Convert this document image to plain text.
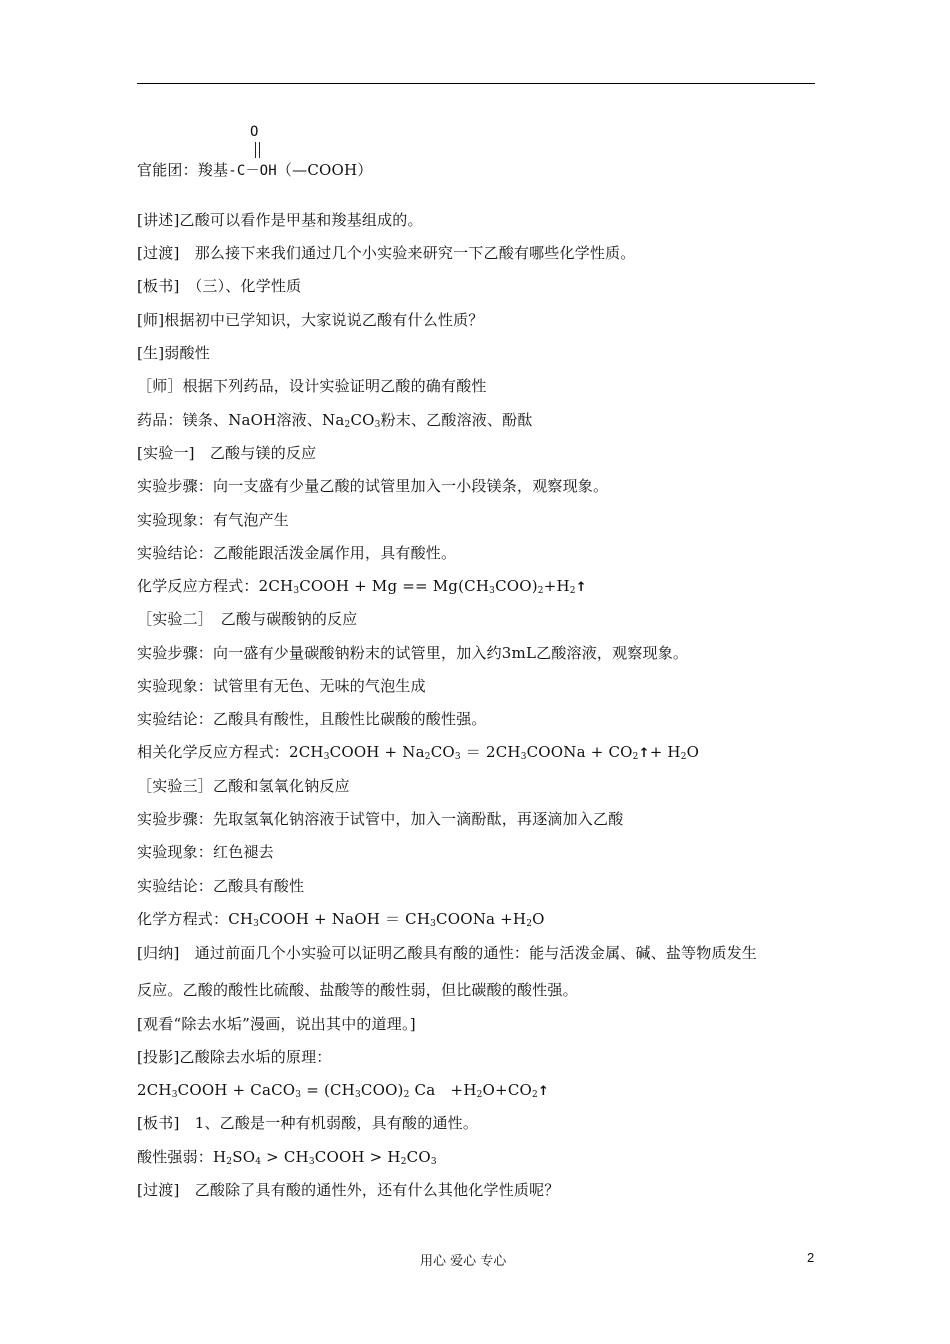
O
官能团：羧基-C－OH（—COOH）
[讲述]乙酸可以看作是甲基和羧基组成的。
[过渡]　那么接下来我们通过几个小实验来研究一下乙酸有哪些化学性质。
[板书]　（三）、化学性质
[师]根据初中已学知识，大家说说乙酸有什么性质？
[生]弱酸性
［师］根据下列药品，设计实验证明乙酸的确有酸性
药品：镁条、NaOH溶液、$Na_2CO_3$粉末、乙酸溶液、酚酞
[实验一]　乙酸与镁的反应
实验步骤：向一支盛有少量乙酸的试管里加入一小段镁条，观察现象。
实验现象：有气泡产生
实验结论：乙酸能跟活泼金属作用，具有酸性。
化学反应方程式：$2CH_3COOH + Mg$ == $Mg(CH_3COO)_2+H_2↑$
［实验二］　乙酸与碳酸钠的反应
实验步骤：向一盛有少量碳酸钠粉末的试管里，加入约3mL乙酸溶液，观察现象。
实验现象：试管里有无色、无味的气泡生成
实验结论：乙酸具有酸性，且酸性比碳酸的酸性强。
相关化学反应方程式：$2CH_3COOH + Na_2CO_3$ ＝ $2CH_3COONa$ + $CO_2↑+ H_2O$
［实验三］乙酸和氢氧化钠反应
实验步骤：先取氢氧化钠溶液于试管中，加入一滴酚酞，再逐滴加入乙酸
实验现象：红色褪去
实验结论：乙酸具有酸性
化学方程式：$CH_3COOH$ + NaOH ＝ $CH_3COONa +H_2O$
[归纳]　通过前面几个小实验可以证明乙酸具有酸的通性：能与活泼金属、碱、盐等物质发生
反应。乙酸的酸性比硫酸、盐酸等的酸性弱，但比碳酸的酸性强。
[观看“除去水垢”漫画，说出其中的道理。]
[投影]乙酸除去水垢的原理：
$2CH_3COOH$ + CaCO$_3$ = $(CH_3COO)_2$ Ca　$+H_2O+CO_2↑$
[板书]　1、乙酸是一种有机弱酸，具有酸的通性。
酸性强弱：$H_2SO_4$ > $CH_3COOH > H_2CO_3$
[过渡]　乙酸除了具有酸的通性外，还有什么其他化学性质呢？
用心 爱心 专心	2
